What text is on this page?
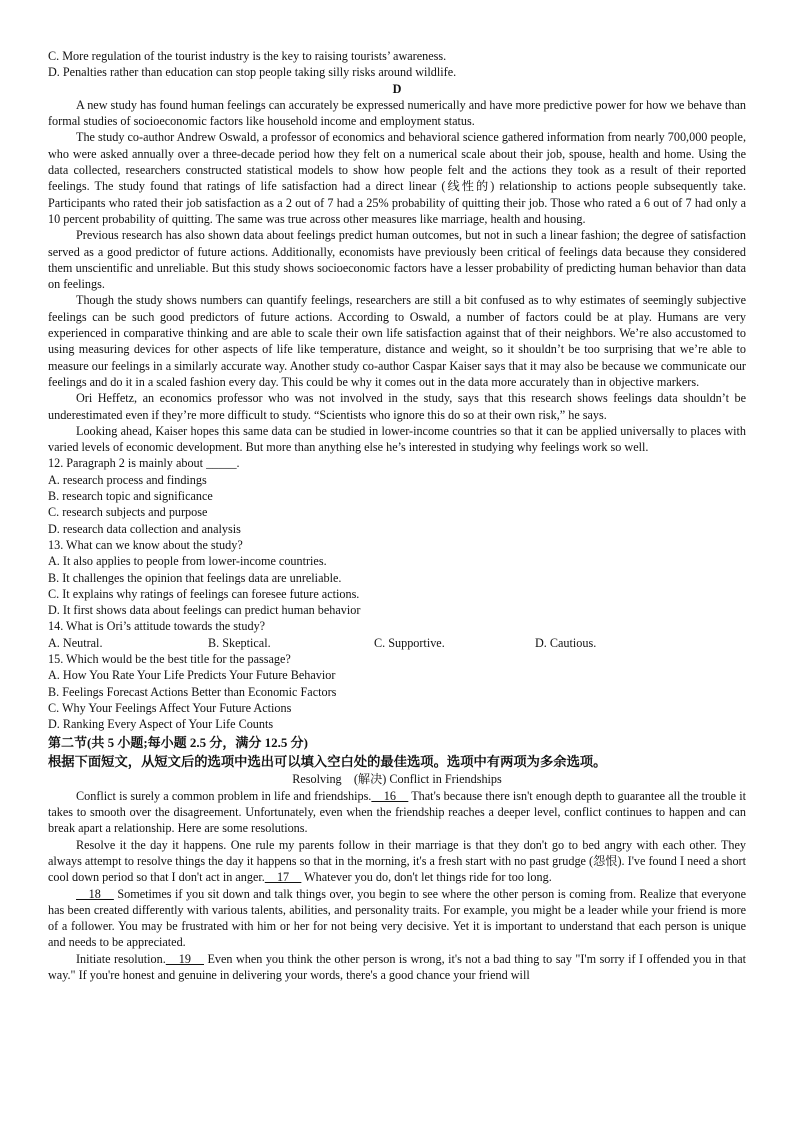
C. More regulation of the tourist industry is the key to raising tourists’ awareness.

D. Penalties rather than education can stop people taking silly risks around wildlife.

D

A new study has found human feelings can accurately be expressed numerically and have more predictive power for how we behave than formal studies of socioeconomic factors like household income and employment status.

The study co-author Andrew Oswald, a professor of economics and behavioral science gathered information from nearly 700,000 people, who were asked annually over a three-decade period how they felt on a numerical scale about their job, spouse, health and home. Using the data collected, researchers constructed statistical models to show how people felt and the actions they took as a result of their reported feelings. The study found that ratings of life satisfaction had a direct linear (线性的) relationship to actions people subsequently take. Participants who rated their job satisfaction as a 2 out of 7 had a 25% probability of quitting their job. Those who rated a 6 out of 7 had only a 10 percent probability of quitting. The same was true across other measures like marriage, health and housing.

Previous research has also shown data about feelings predict human outcomes, but not in such a linear fashion; the degree of satisfaction served as a good predictor of future actions. Additionally, economists have previously been critical of feelings data because they considered them unscientific and unreliable. But this study shows socioeconomic factors have a lesser probability of predicting human behavior than data on feelings.

Though the study shows numbers can quantify feelings, researchers are still a bit confused as to why estimates of seemingly subjective feelings can be such good predictors of future actions. According to Oswald, a number of factors could be at play. Humans are very experienced in comparative thinking and are able to scale their own life satisfaction against that of their neighbors. We’re also accustomed to using measuring devices for other aspects of life like temperature, distance and weight, so it shouldn’t be too surprising that we’re able to measure our feelings in a similarly accurate way. Another study co-author Caspar Kaiser says that it may also be because we communicate our feelings and do it in a scaled fashion every day. This could be why it comes out in the data more accurately than in objective markers.

Ori Heffetz, an economics professor who was not involved in the study, says that this research shows feelings data shouldn’t be underestimated even if they’re more difficult to study. “Scientists who ignore this do so at their own risk,” he says.

Looking ahead, Kaiser hopes this same data can be studied in lower-income countries so that it can be applied universally to places with varied levels of economic development. But more than anything else he’s interested in studying why feelings work so well.

12. Paragraph 2 is mainly about _____.

A. research process and findings

B. research topic and significance

C. research subjects and purpose

D. research data collection and analysis

13. What can we know about the study?

A. It also applies to people from lower-income countries.

B. It challenges the opinion that feelings data are unreliable.

C. It explains why ratings of feelings can foresee future actions.

D. It first shows data about feelings can predict human behavior

14. What is Ori’s attitude towards the study?

A. Neutral.	B. Skeptical.	C. Supportive.	D. Cautious.

15. Which would be the best title for the passage?

A. How You Rate Your Life Predicts Your Future Behavior

B. Feelings Forecast Actions Better than Economic Factors

C. Why Your Feelings Affect Your Future Actions

D. Ranking Every Aspect of Your Life Counts

第二节(共 5 小题;每小题 2.5 分，满分 12.5 分)

根据下面短文，从短文后的选项中选出可以填入空白处的最佳选项。选项中有两项为多余选项。

Resolving　(解决) Conflict in Friendships

Conflict is surely a common problem in life and friendships.　16　 That's because there isn't enough depth to guarantee all the trouble it takes to smooth over the disagreement. Unfortunately, even when the friendship reaches a deeper level, conflict continues to happen and can break apart a relationship. Here are some resolutions.

Resolve it the day it happens. One rule my parents follow in their marriage is that they don't go to bed angry with each other. They always attempt to resolve things the day it happens so that in the morning, it's a fresh start with no past grudge (怨恨). I've found I need a short cool down period so that I don't act in anger.　17　 Whatever you do, don't let things ride for too long.

　18　 Sometimes if you sit down and talk things over, you begin to see where the other person is coming from. Realize that everyone has been created differently with various talents, abilities, and personality traits. For example, you might be a leader while your friend is more of a follower. You may be frustrated with him or her for not being very decisive. Yet it is important to understand that each person is unique and needs to be appreciated.

Initiate resolution.　19　 Even when you think the other person is wrong, it's not a bad thing to say "I'm sorry if I offended you in that way." If you're honest and genuine in delivering your words, there's a good chance your friend will
